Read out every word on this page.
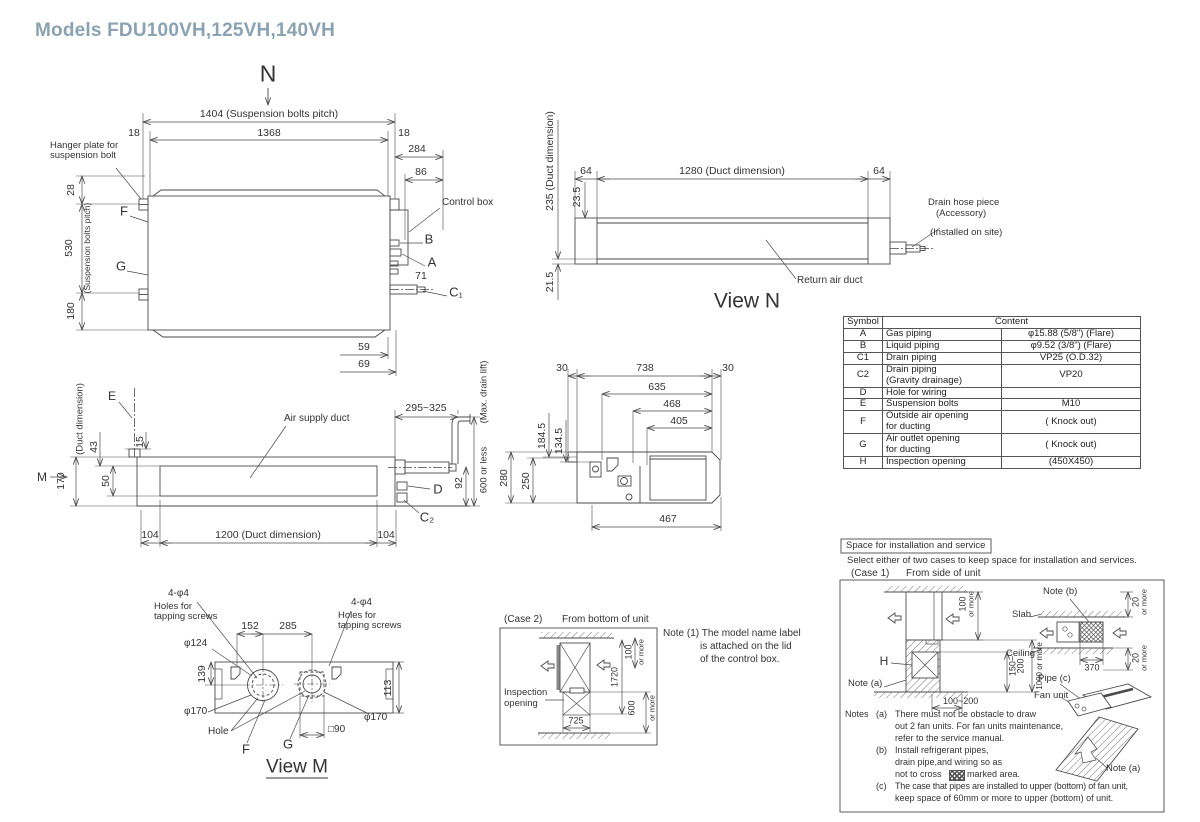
Models FDU100VH,125VH,140VH
N
Hanger plate for
suspension bolt
1404 (Suspension bolts pitch)
1368
18	18
284
86
28
530 (Suspension bolts pitch)
180
F
G
Control box
B
A
71
C₁
59
69
235 (Duct dimension) 23.5
21.5
64	1280 (Duct dimension)	64
Drain hose piece
(Accessory)
(Installed on site)
Return air duct
View N
Symbol	Content	
A	Gas piping	φ15.88 (5/8") (Flare)
B	Liquid piping	φ9.52 (3/8") (Flare)
C1	Drain piping	VP25 (O.D.32)
C2	Drain piping
(Gravity drainage)	VP20
D	Hole for wiring	
E	Suspension bolts	M10
F	Outside air opening
for ducting	( Knock out)
G	Air outlet opening
for ducting	( Knock out)
H	Inspection opening	(450X450)
M
E
(Duct dimension)
170
43	15
50
Air supply duct
295~325	(Max. drain lift)
600 or less
92
D
C₂
104	1200 (Duct dimension)	104
30	738	30
635
468
405
184.5 134.5
280 250
467
4-φ4
Holes for
tapping screws
4-φ4
Holes for
tapping screws
152 285
φ124
139
φ170
Hole
F	G
□90
φ170
113
View M
(Case 2) From bottom of unit
Inspection
opening
725
1720
100 or more
600 or more
Note (1) The model name label
is attached on the lid
of the control box.
Space for installation and service
Select either of two cases to keep space for installation and services.
(Case 1) From side of unit
100
or more
H
Note (a)
150~
200 1000 or more
100~200
Note (b)
Slab
Ceiling
370
20
or more
20
or more
Pipe (c)
Fan unit
Note (a)
Notes (a) There must not be obstacle to draw
out 2 fan units. For fan units maintenance,
refer to the service manual.
(b) Install refrigerant pipes,
drain pipe,and wiring so as
not to cross	marked area.
(c) The case that pipes are installed to upper (bottom) of fan unit,
keep space of 60mm or more to upper (bottom) of unit.
